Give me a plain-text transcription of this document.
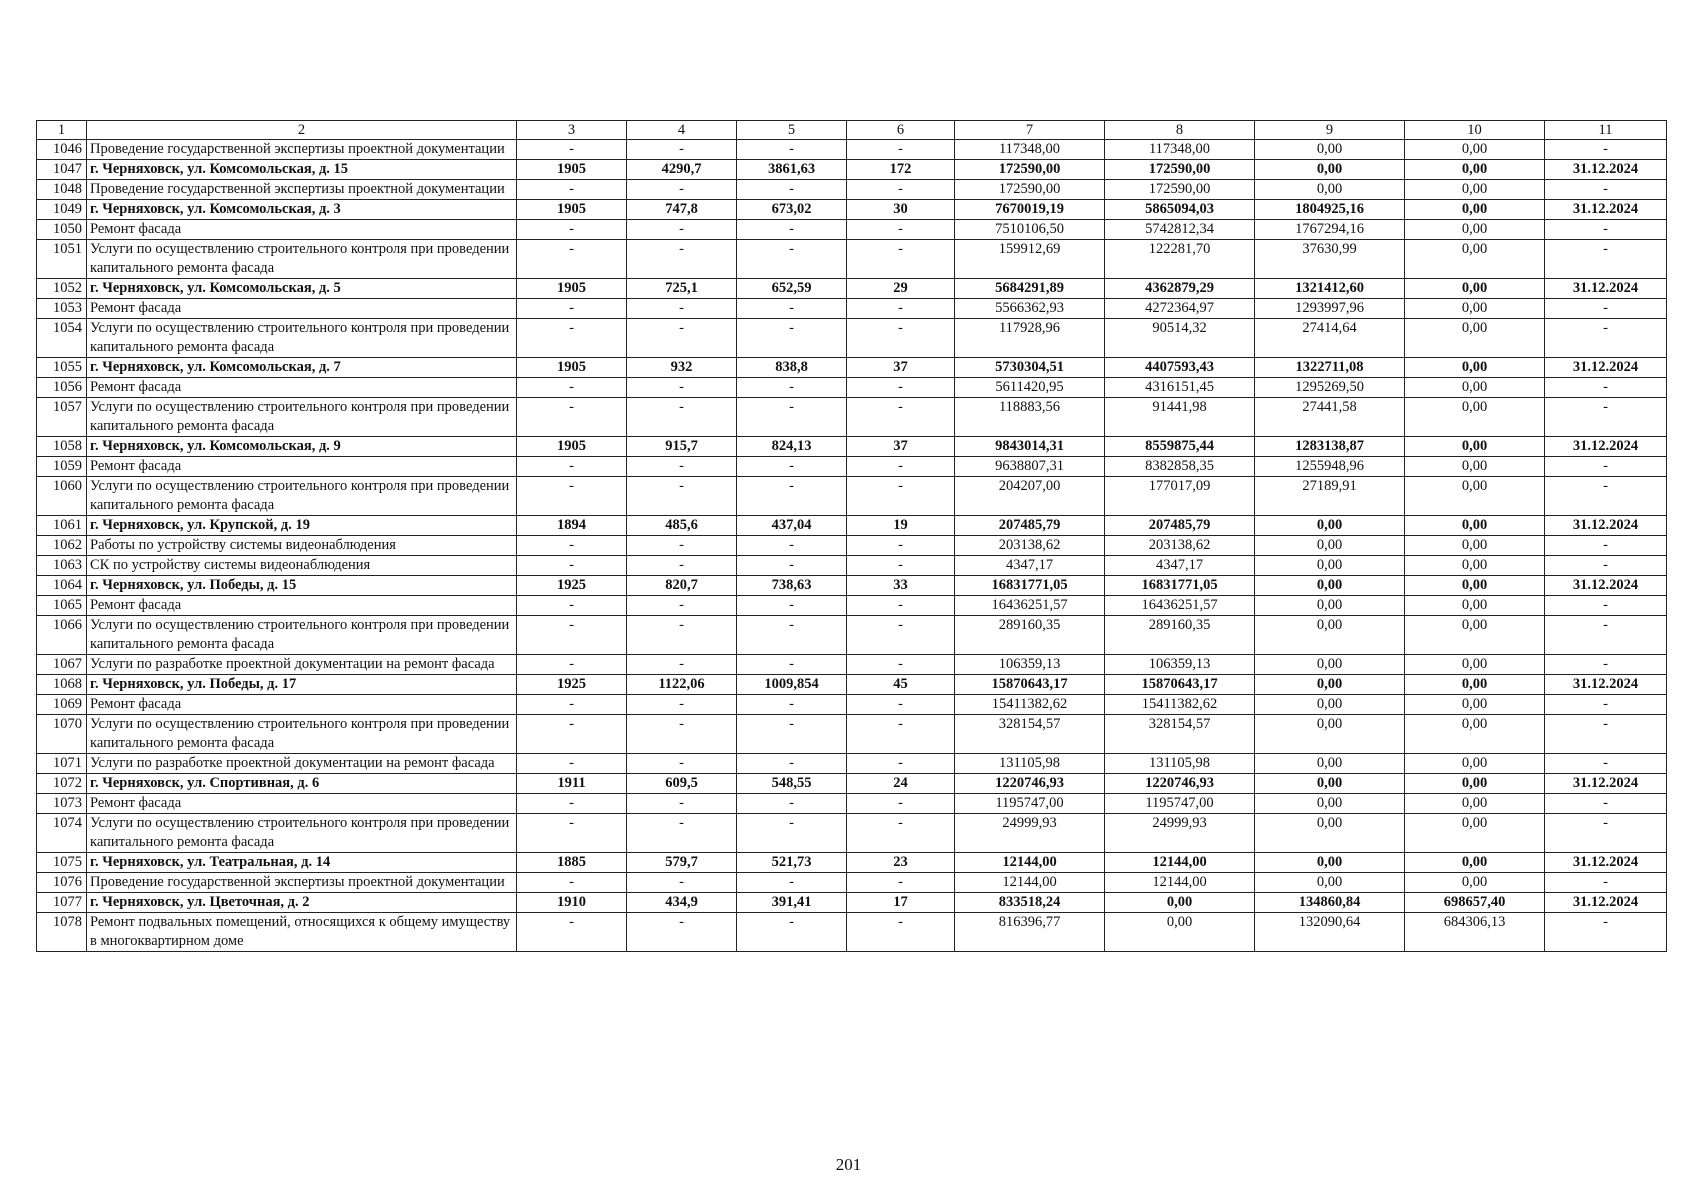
1	2	3	4	5	6	7	8	9	10	11
1046	Проведение государственной экспертизы проектной документации	-	-	-	-	117348,00	117348,00	0,00	0,00	-
1047	г. Черняховск, ул. Комсомольская, д. 15	1905	4290,7	3861,63	172	172590,00	172590,00	0,00	0,00	31.12.2024
1048	Проведение государственной экспертизы проектной документации	-	-	-	-	172590,00	172590,00	0,00	0,00	-
1049	г. Черняховск, ул. Комсомольская, д. 3	1905	747,8	673,02	30	7670019,19	5865094,03	1804925,16	0,00	31.12.2024
1050	Ремонт фасада	-	-	-	-	7510106,50	5742812,34	1767294,16	0,00	-
1051	Услуги по осуществлению строительного контроля при проведении капитального ремонта фасада	-	-	-	-	159912,69	122281,70	37630,99	0,00	-
1052	г. Черняховск, ул. Комсомольская, д. 5	1905	725,1	652,59	29	5684291,89	4362879,29	1321412,60	0,00	31.12.2024
1053	Ремонт фасада	-	-	-	-	5566362,93	4272364,97	1293997,96	0,00	-
1054	Услуги по осуществлению строительного контроля при проведении капитального ремонта фасада	-	-	-	-	117928,96	90514,32	27414,64	0,00	-
1055	г. Черняховск, ул. Комсомольская, д. 7	1905	932	838,8	37	5730304,51	4407593,43	1322711,08	0,00	31.12.2024
1056	Ремонт фасада	-	-	-	-	5611420,95	4316151,45	1295269,50	0,00	-
1057	Услуги по осуществлению строительного контроля при проведении капитального ремонта фасада	-	-	-	-	118883,56	91441,98	27441,58	0,00	-
1058	г. Черняховск, ул. Комсомольская, д. 9	1905	915,7	824,13	37	9843014,31	8559875,44	1283138,87	0,00	31.12.2024
1059	Ремонт фасада	-	-	-	-	9638807,31	8382858,35	1255948,96	0,00	-
1060	Услуги по осуществлению строительного контроля при проведении капитального ремонта фасада	-	-	-	-	204207,00	177017,09	27189,91	0,00	-
1061	г. Черняховск, ул. Крупской, д. 19	1894	485,6	437,04	19	207485,79	207485,79	0,00	0,00	31.12.2024
1062	Работы по устройству системы видеонаблюдения	-	-	-	-	203138,62	203138,62	0,00	0,00	-
1063	СК по устройству системы видеонаблюдения	-	-	-	-	4347,17	4347,17	0,00	0,00	-
1064	г. Черняховск, ул. Победы, д. 15	1925	820,7	738,63	33	16831771,05	16831771,05	0,00	0,00	31.12.2024
1065	Ремонт фасада	-	-	-	-	16436251,57	16436251,57	0,00	0,00	-
1066	Услуги по осуществлению строительного контроля при проведении капитального ремонта фасада	-	-	-	-	289160,35	289160,35	0,00	0,00	-
1067	Услуги по разработке проектной документации на ремонт фасада	-	-	-	-	106359,13	106359,13	0,00	0,00	-
1068	г. Черняховск, ул. Победы, д. 17	1925	1122,06	1009,854	45	15870643,17	15870643,17	0,00	0,00	31.12.2024
1069	Ремонт фасада	-	-	-	-	15411382,62	15411382,62	0,00	0,00	-
1070	Услуги по осуществлению строительного контроля при проведении капитального ремонта фасада	-	-	-	-	328154,57	328154,57	0,00	0,00	-
1071	Услуги по разработке проектной документации на ремонт фасада	-	-	-	-	131105,98	131105,98	0,00	0,00	-
1072	г. Черняховск, ул. Спортивная, д. 6	1911	609,5	548,55	24	1220746,93	1220746,93	0,00	0,00	31.12.2024
1073	Ремонт фасада	-	-	-	-	1195747,00	1195747,00	0,00	0,00	-
1074	Услуги по осуществлению строительного контроля при проведении капитального ремонта фасада	-	-	-	-	24999,93	24999,93	0,00	0,00	-
1075	г. Черняховск, ул. Театральная, д. 14	1885	579,7	521,73	23	12144,00	12144,00	0,00	0,00	31.12.2024
1076	Проведение государственной экспертизы проектной документации	-	-	-	-	12144,00	12144,00	0,00	0,00	-
1077	г. Черняховск, ул. Цветочная, д. 2	1910	434,9	391,41	17	833518,24	0,00	134860,84	698657,40	31.12.2024
1078	Ремонт подвальных помещений, относящихся к общему имуществу в многоквартирном доме	-	-	-	-	816396,77	0,00	132090,64	684306,13	-
201
